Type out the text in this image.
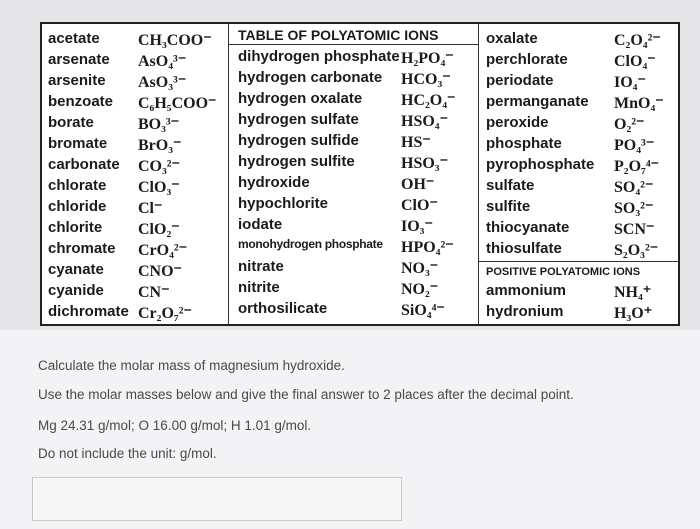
TABLE OF POLYATOMIC IONS
acetate CH₃COO⁻
arsenate AsO₄³⁻
arsenite AsO₃³⁻
benzoate C₆H₅COO⁻
borate	BO₃³⁻
bromate BrO₃⁻
carbonate CO₃²⁻
chlorate ClO₃⁻
chloride Cl⁻
chlorite ClO₂⁻
chromate CrO₄²⁻
cyanate CNO⁻
cyanide CN⁻
dichromate Cr₂O₇²⁻
dihydrogen phosphate H₂PO₄⁻
hydrogen carbonate HCO₃⁻
hydrogen oxalate HC₂O₄⁻
hydrogen sulfate	HSO₄⁻
hydrogen sulfide	HS⁻
hydrogen sulfite	HSO₃⁻
hydroxide	OH⁻
hypochlorite	ClO⁻
iodate	IO₃⁻
monohydrogen phosphate HPO₄²⁻
nitrate	NO₃⁻
nitrite	NO₂⁻
orthosilicate	SiO₄⁴⁻
oxalate	C₂O₄²⁻
perchlorate	ClO₄⁻
periodate	IO₄⁻
permanganate MnO₄⁻
peroxide	O₂²⁻
phosphate	PO₄³⁻
pyrophosphate P₂O₇⁴⁻
sulfate	SO₄²⁻
sulfite	SO₃²⁻
thiocyanate	SCN⁻
thiosulfate	S₂O₃²⁻
POSITIVE POLYATOMIC IONS
ammonium	NH₄⁺
hydronium	H₃O⁺
Calculate the molar mass of magnesium hydroxide.
Use the molar masses below and give the final answer to 2 places after the decimal point.
Mg 24.31 g/mol; O 16.00 g/mol; H 1.01 g/mol.
Do not include the unit: g/mol.
